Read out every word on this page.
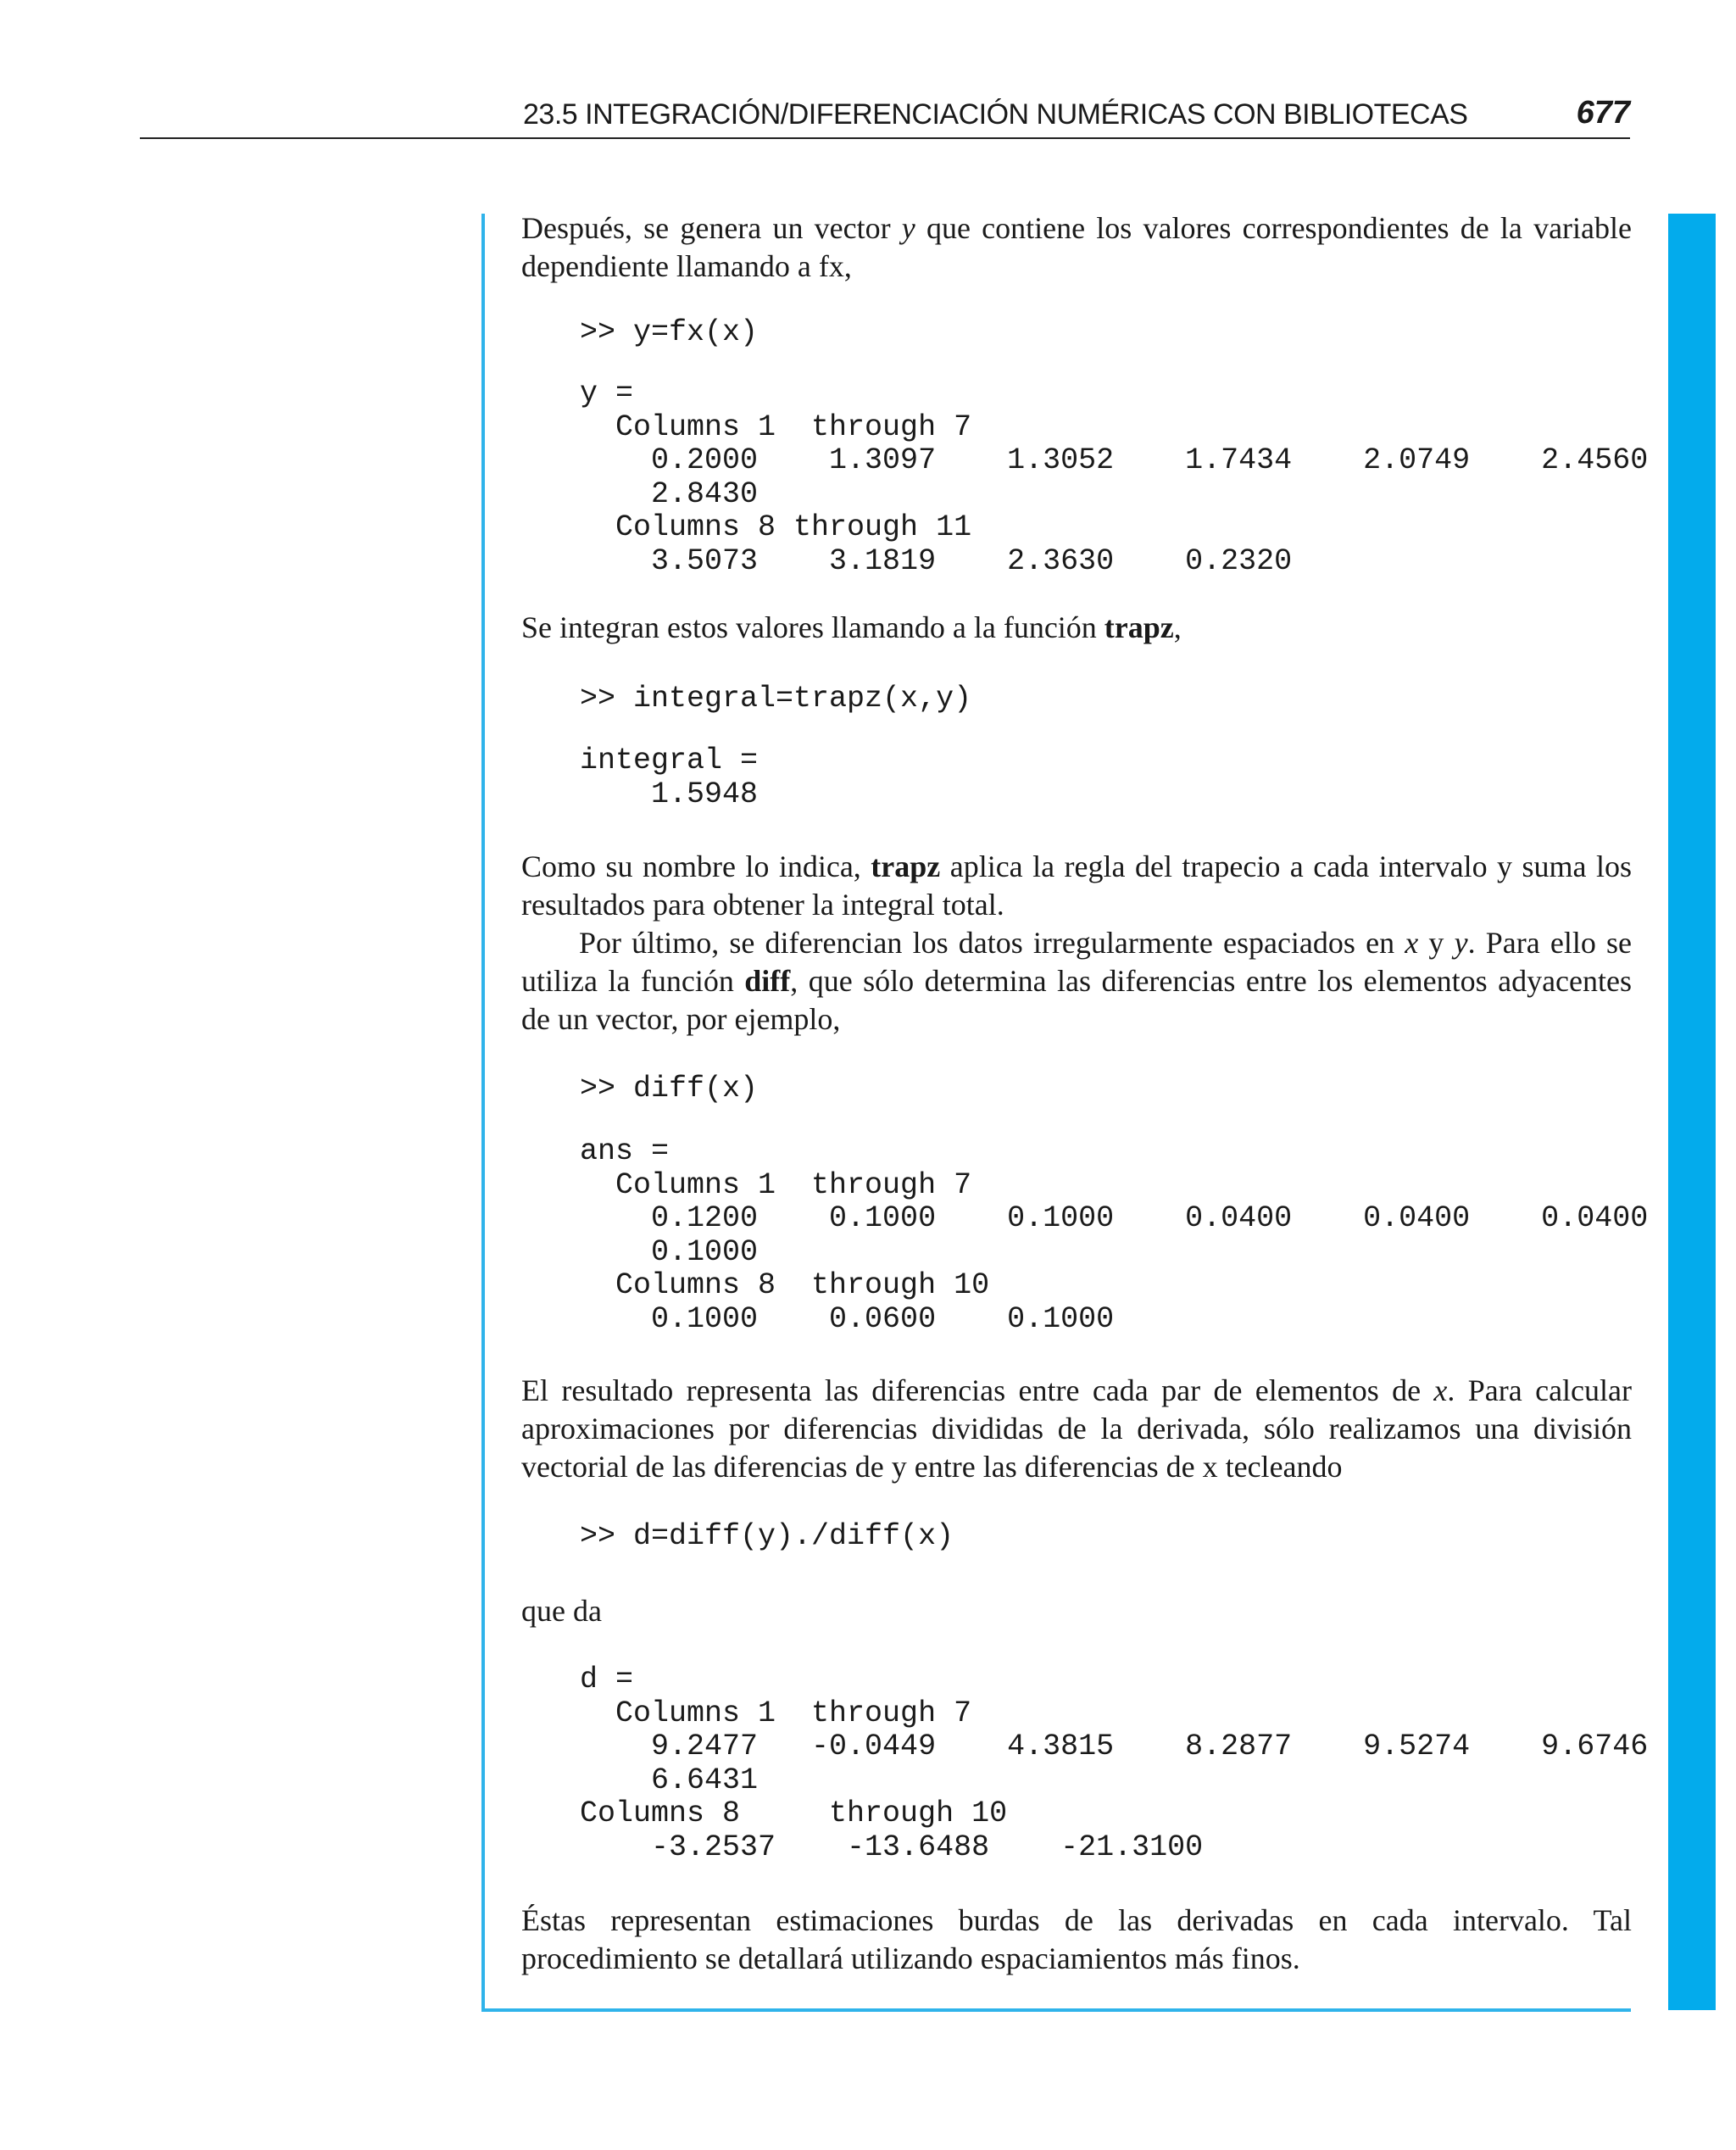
23.5 INTEGRACIÓN/DIFERENCIACIÓN NUMÉRICAS CON BIBLIOTECAS	677

Después, se genera un vector y que contiene los valores correspondientes de la variable dependiente llamando a fx,

>> y=fx(x)
y =
Columns 1  through 7
0.2000    1.3097    1.3052    1.7434    2.0749    2.4560
2.8430
Columns 8 through 11
3.5073    3.1819    2.3630    0.2320

Se integran estos valores llamando a la función trapz,

>> integral=trapz(x,y)
integral =
1.5948

Como su nombre lo indica, trapz aplica la regla del trapecio a cada intervalo y suma los resultados para obtener la integral total.

Por último, se diferencian los datos irregularmente espaciados en x y y. Para ello se utiliza la función diff, que sólo determina las diferencias entre los elementos adyacentes de un vector, por ejemplo,

>> diff(x)
ans =
Columns 1  through 7
0.1200    0.1000    0.1000    0.0400    0.0400    0.0400
0.1000
Columns 8  through 10
0.1000    0.0600    0.1000

El resultado representa las diferencias entre cada par de elementos de x. Para calcular aproximaciones por diferencias divididas de la derivada, sólo realizamos una división vectorial de las diferencias de y entre las diferencias de x tecleando

>> d=diff(y)./diff(x)

que da

d =
Columns 1  through 7
9.2477   -0.0449    4.3815    8.2877    9.5274    9.6746
6.6431
Columns 8     through 10
-3.2537    -13.6488    -21.3100

Éstas representan estimaciones burdas de las derivadas en cada intervalo. Tal procedimiento se detallará utilizando espaciamientos más finos.
